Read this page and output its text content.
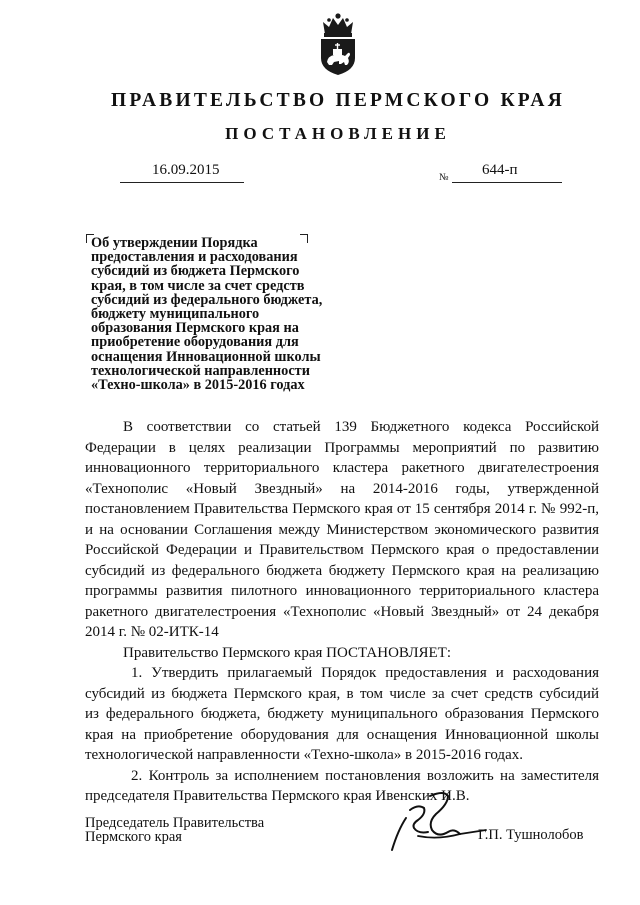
ПРАВИТЕЛЬСТВО ПЕРМСКОГО КРАЯ
ПОСТАНОВЛЕНИЕ
16.09.2015	№ 644-п
Об утверждении Порядка
предоставления и расходования
субсидий из бюджета Пермского
края, в том числе за счет средств
субсидий из федерального бюджета,
бюджету муниципального
образования Пермского края на
приобретение оборудования для
оснащения Инновационной школы
технологической направленности
«Техно-школа» в 2015-2016 годах

В соответствии со статьей 139 Бюджетного кодекса Российской

Федерации в целях реализации Программы мероприятий по развитию

инновационного территориального кластера ракетного двигателестроения

«Технополис «Новый Звездный» на 2014-2016 годы, утвержденной

постановлением Правительства Пермского края от 15 сентября 2014 г. № 992-п,

и на основании Соглашения между Министерством экономического развития

Российской Федерации и Правительством Пермского края о предоставлении

субсидий из федерального бюджета бюджету Пермского края на реализацию

программы развития пилотного инновационного территориального кластера

ракетного двигателестроения «Технополис «Новый Звездный» от 24 декабря

2014 г. № 02-ИТК-14

Правительство Пермского края ПОСТАНОВЛЯЕТ:

1. Утвердить прилагаемый Порядок предоставления и расходования

субсидий из бюджета Пермского края, в том числе за счет средств субсидий

из федерального бюджета, бюджету муниципального образования Пермского

края на приобретение оборудования для оснащения Инновационной школы

технологической направленности «Техно-школа» в 2015-2016 годах.

2. Контроль за исполнением постановления возложить на заместителя

председателя Правительства Пермского края Ивенских И.В.

Председатель Правительства
Пермского края	Г.П. Тушнолобов
